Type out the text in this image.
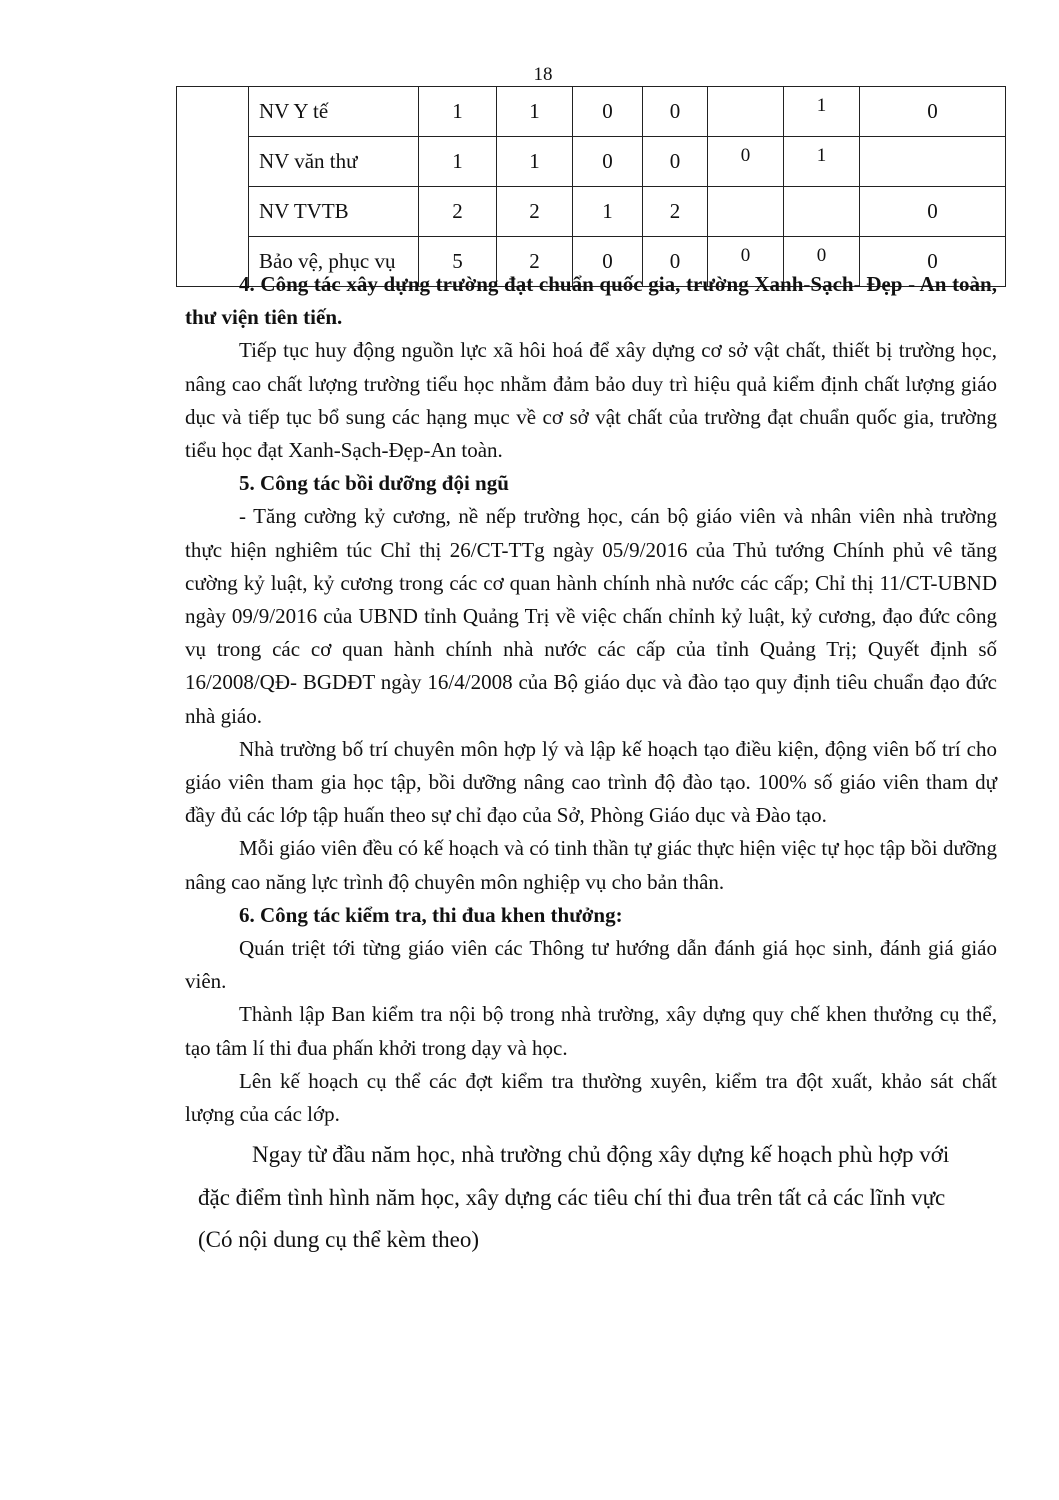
18
	NV Y tế	1	1	0	0		1	0
	NV văn thư	1	1	0	0	0	1	
	NV TVTB	2	2	1	2			0
	Bảo vệ, phục vụ	5	2	0	0	0	0	0

4. Công tác xây dựng trường đạt chuẩn quốc gia, trường Xanh-Sạch- Đẹp - An toàn, thư viện tiên tiến.

Tiếp tục huy động nguồn lực xã hôi hoá để xây dựng cơ sở vật chất, thiết bị trường học, nâng cao chất lượng trường tiểu học nhằm đảm bảo duy trì hiệu quả kiểm định chất lượng giáo dục và tiếp tục bổ sung các hạng mục về cơ sở vật chất của trường đạt chuẩn quốc gia, trường tiểu học đạt Xanh-Sạch-Đẹp-An toàn.

5. Công tác bồi dưỡng đội ngũ

- Tăng cường kỷ cương, nề nếp trường học, cán bộ giáo viên và nhân viên nhà trường thực hiện nghiêm túc Chỉ thị 26/CT-TTg ngày 05/9/2016 của Thủ tướng Chính phủ vê tăng cường kỷ luật, kỷ cương trong các cơ quan hành chính nhà nước các cấp; Chỉ thị 11/CT-UBND ngày 09/9/2016 của UBND tỉnh Quảng Trị về việc chấn chỉnh kỷ luật, kỷ cương, đạo đức công vụ trong các cơ quan hành chính nhà nước các cấp của tỉnh Quảng Trị; Quyết định số 16/2008/QĐ- BGDĐT ngày 16/4/2008 của Bộ giáo dục và đào tạo quy định tiêu chuẩn đạo đức nhà giáo.

Nhà trường bố trí chuyên môn hợp lý và lập kế hoạch tạo điều kiện, động viên bố trí cho giáo viên tham gia học tập, bồi dưỡng nâng cao trình độ đào tạo. 100% số giáo viên tham dự đầy đủ các lớp tập huấn theo sự chỉ đạo của Sở, Phòng Giáo dục và Đào tạo.

Mỗi giáo viên đều có kế hoạch và có tinh thần tự giác thực hiện việc tự học tập bồi dưỡng nâng cao năng lực trình độ chuyên môn nghiệp vụ cho bản thân.

6. Công tác kiểm tra, thi đua khen thưởng:

Quán triệt tới từng giáo viên các Thông tư hướng dẫn đánh giá học sinh, đánh giá giáo viên.

Thành lập Ban kiểm tra nội bộ trong nhà trường, xây dựng quy chế khen thưởng cụ thể, tạo tâm lí thi đua phấn khởi trong dạy và học.

Lên kế hoạch cụ thể các đợt kiểm tra thường xuyên, kiểm tra đột xuất, khảo sát chất lượng của các lớp.

Ngay từ đầu năm học, nhà trường chủ động xây dựng kế hoạch phù hợp với đặc điểm tình hình năm học, xây dựng các tiêu chí thi đua trên tất cả các lĩnh vực (Có nội dung cụ thể kèm theo)
